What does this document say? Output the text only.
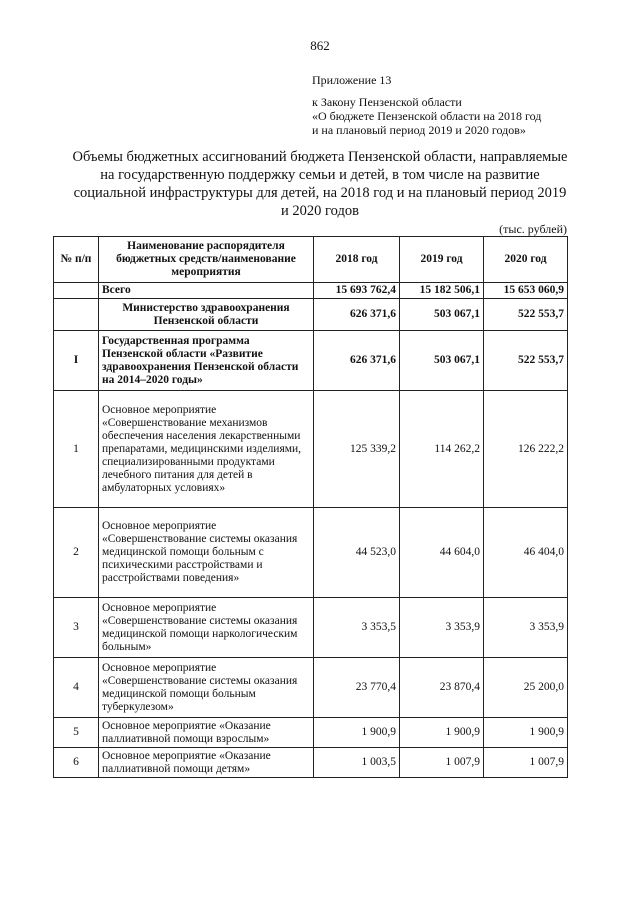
862
Приложение 13
к Закону Пензенской области
«О бюджете Пензенской области на 2018 год
и на плановый период 2019 и 2020 годов»
Объемы бюджетных ассигнований бюджета Пензенской области, направляемые на государственную поддержку семьи и детей, в том числе на развитие социальной инфраструктуры для детей, на 2018 год и на плановый период 2019 и 2020 годов
(тыс. рублей)
№ п/п	Наименование распорядителя бюджетных средств/наименование мероприятия	2018 год	2019 год	2020 год
	Всего	15 693 762,4	15 182 506,1	15 653 060,9
	Министерство здравоохранения Пензенской области	626 371,6	503 067,1	522 553,7
I	Государственная программа Пензенской области «Развитие здравоохранения Пензенской области на 2014–2020 годы»	626 371,6	503 067,1	522 553,7
1	Основное мероприятие «Совершенствование механизмов обеспечения населения лекарственными препаратами, медицинскими изделиями, специализированными продуктами лечебного питания для детей в амбулаторных условиях»	125 339,2	114 262,2	126 222,2
2	Основное мероприятие «Совершенствование системы оказания медицинской помощи больным с психическими расстройствами и расстройствами поведения»	44 523,0	44 604,0	46 404,0
3	Основное мероприятие «Совершенствование системы оказания медицинской помощи наркологическим больным»	3 353,5	3 353,9	3 353,9
4	Основное мероприятие «Совершенствование системы оказания медицинской помощи больным туберкулезом»	23 770,4	23 870,4	25 200,0
5	Основное мероприятие «Оказание паллиативной помощи взрослым»	1 900,9	1 900,9	1 900,9
6	Основное мероприятие «Оказание паллиативной помощи детям»	1 003,5	1 007,9	1 007,9
